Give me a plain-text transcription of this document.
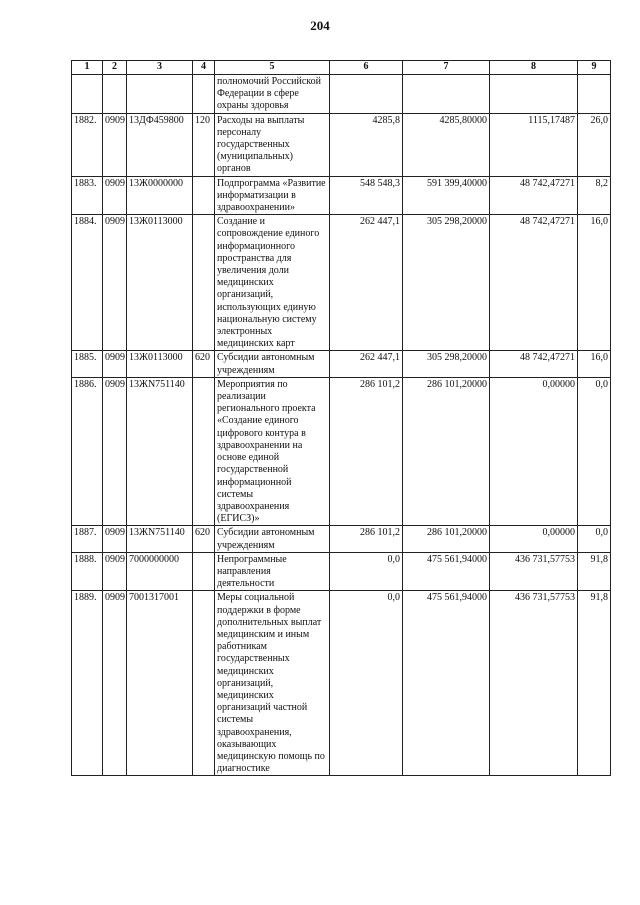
204
1	2	3	4	5	6	7	8	9
				полномочий Российской Федерации в сфере охраны здоровья				
1882.	0909	13ДФ459800	120	Расходы на выплаты персоналу государственных (муниципальных) органов	4285,8	4285,80000	1115,17487	26,0
1883.	0909	13Ж0000000		Подпрограмма «Развитие информатизации в здравоохранении»	548 548,3	591 399,40000	48 742,47271	8,2
1884.	0909	13Ж0113000		Создание и сопровождение единого информационного пространства для увеличения доли медицинских организаций, использующих единую национальную систему электронных медицинских карт	262 447,1	305 298,20000	48 742,47271	16,0
1885.	0909	13Ж0113000	620	Субсидии автономным учреждениям	262 447,1	305 298,20000	48 742,47271	16,0
1886.	0909	13ЖN751140		Мероприятия по реализации регионального проекта «Создание единого цифрового контура в здравоохранении на основе единой государственной информационной системы здравоохранения (ЕГИСЗ)»	286 101,2	286 101,20000	0,00000	0,0
1887.	0909	13ЖN751140	620	Субсидии автономным учреждениям	286 101,2	286 101,20000	0,00000	0,0
1888.	0909	7000000000		Непрограммные направления деятельности	0,0	475 561,94000	436 731,57753	91,8
1889.	0909	7001317001		Меры социальной поддержки в форме дополнительных выплат медицинским и иным работникам государственных медицинских организаций, медицинских организаций частной системы здравоохранения, оказывающих медицинскую помощь по диагностике	0,0	475 561,94000	436 731,57753	91,8
